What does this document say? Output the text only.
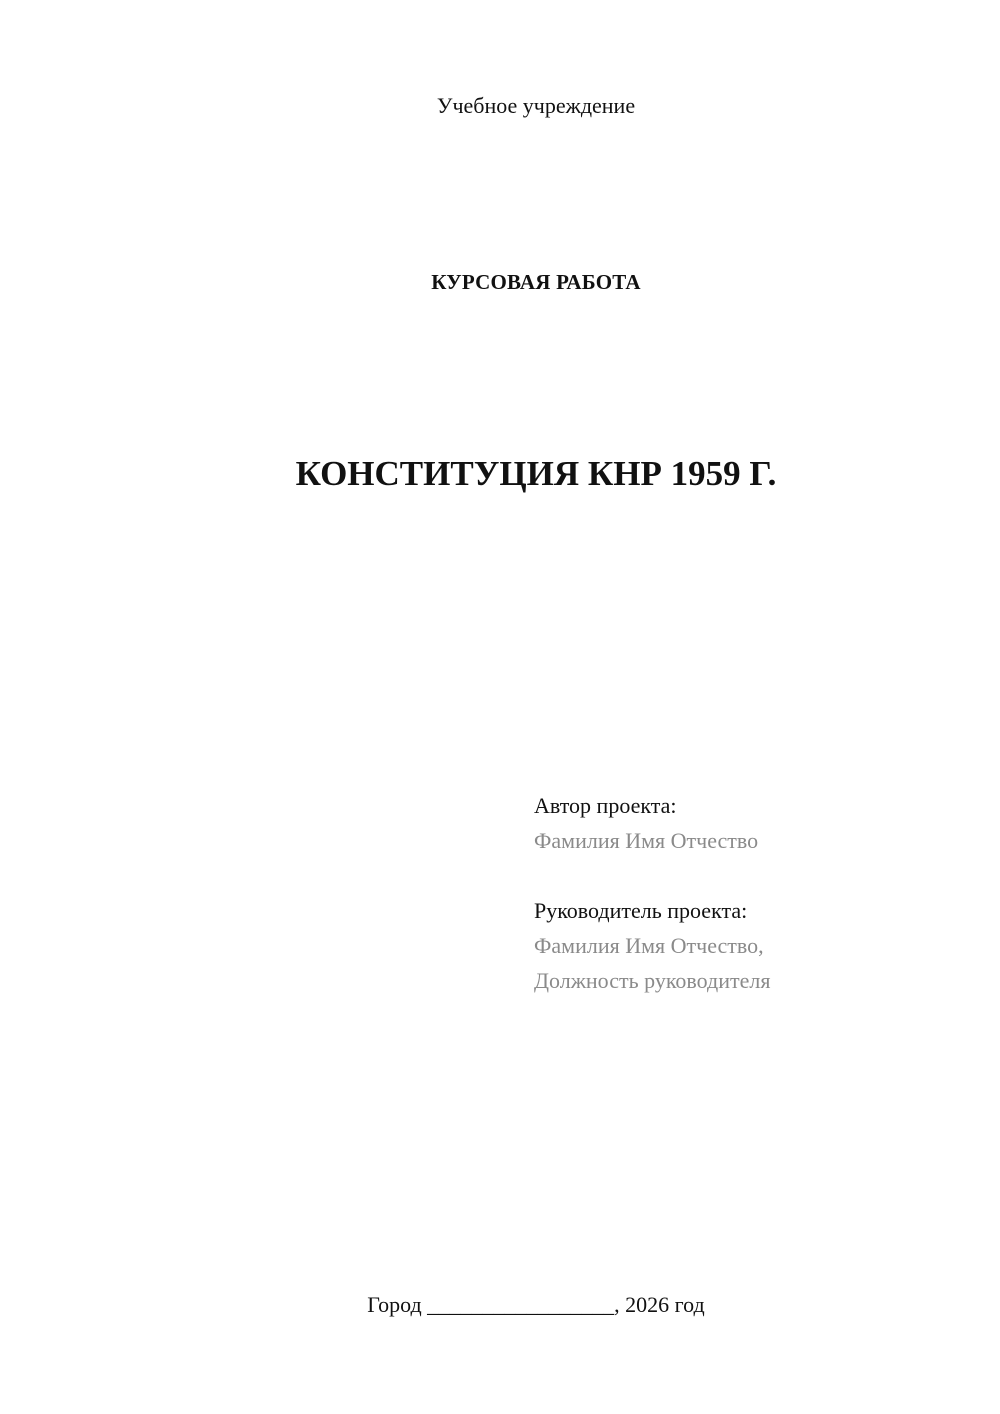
Учебное учреждение
КУРСОВАЯ РАБОТА
КОНСТИТУЦИЯ КНР 1959 Г.
Автор проекта:
Фамилия Имя Отчество
Руководитель проекта:
Фамилия Имя Отчество,
Должность руководителя
Город _________________, 2026 год
